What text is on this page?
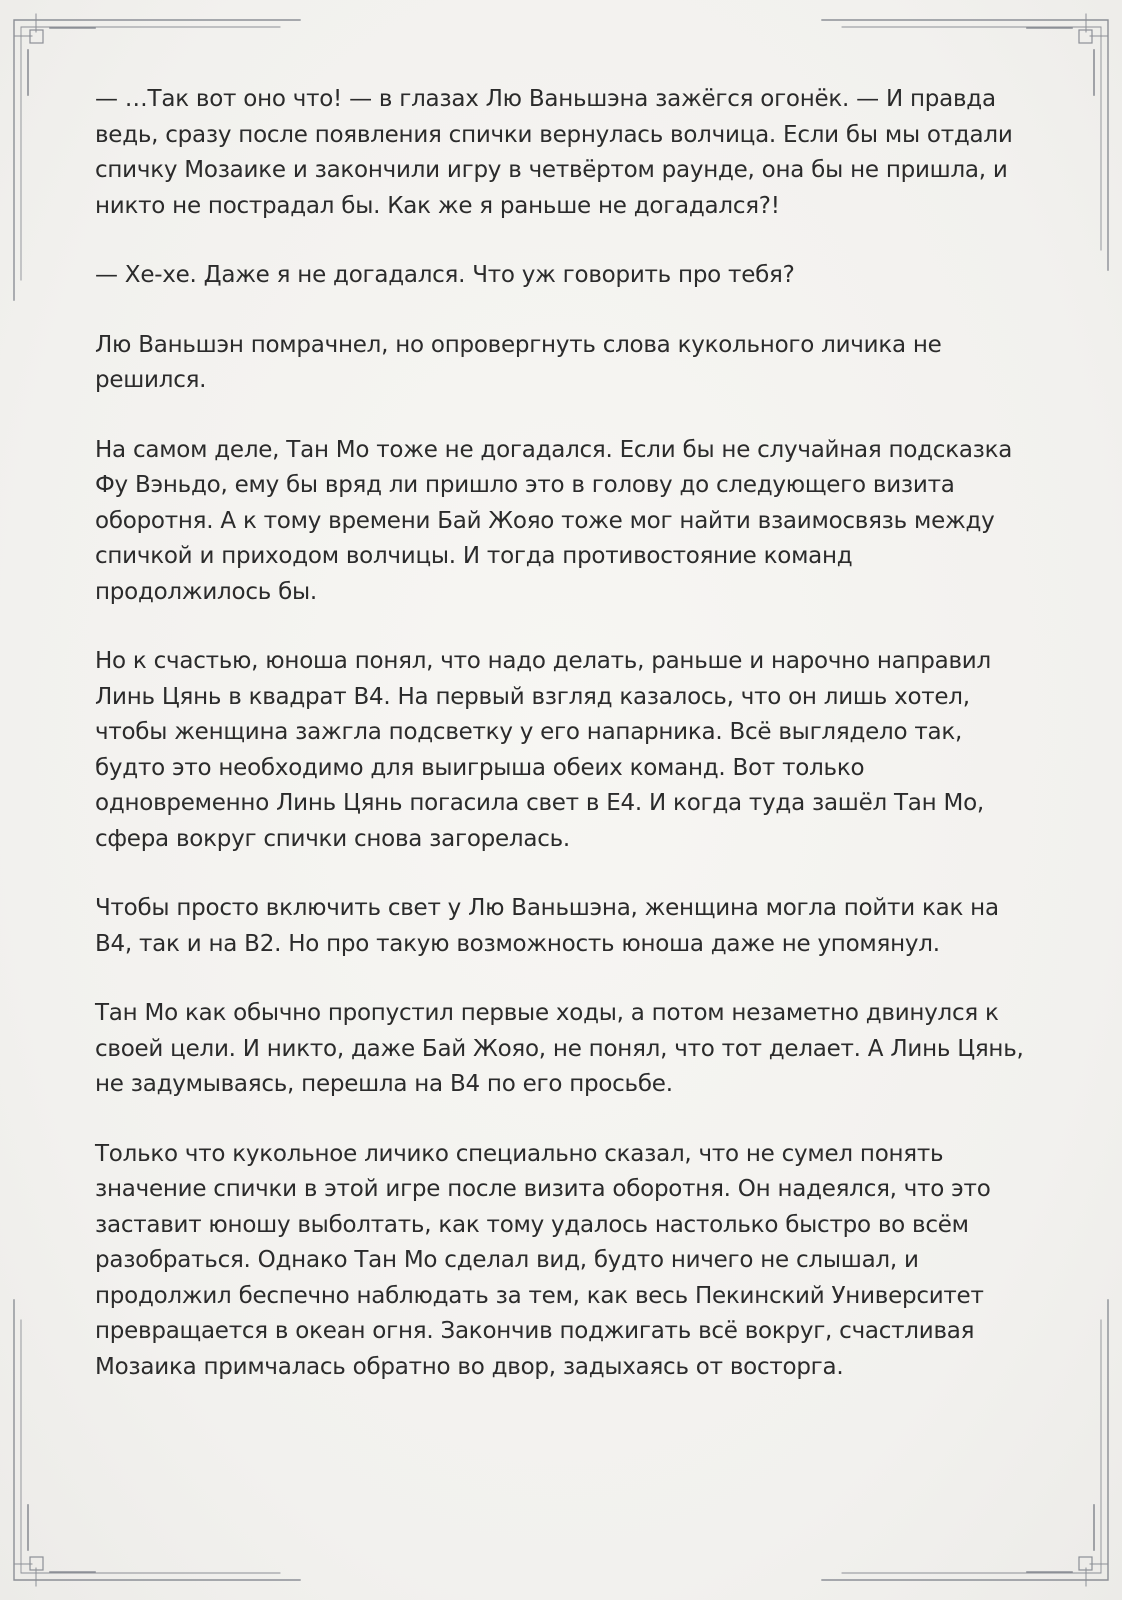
— …Так вот оно что! — в глазах Лю Ваньшэна зажёгся огонёк. — И правда ведь, сразу после появления спички вернулась волчица. Если бы мы отдали спичку Мозаике и закончили игру в четвёртом раунде, она бы не пришла, и никто не пострадал бы. Как же я раньше не догадался?!

— Хе-хе. Даже я не догадался. Что уж говорить про тебя?

Лю Ваньшэн помрачнел, но опровергнуть слова кукольного личика не решился.

На самом деле, Тан Мо тоже не догадался. Если бы не случайная подсказка Фу Вэньдо, ему бы вряд ли пришло это в голову до следующего визита оборотня. А к тому времени Бай Жояо тоже мог найти взаимосвязь между спичкой и приходом волчицы. И тогда противостояние команд продолжилось бы.

Но к счастью, юноша понял, что надо делать, раньше и нарочно направил Линь Цянь в квадрат В4. На первый взгляд казалось, что он лишь хотел, чтобы женщина зажгла подсветку у его напарника. Всё выглядело так, будто это необходимо для выигрыша обеих команд. Вот только одновременно Линь Цянь погасила свет в Е4. И когда туда зашёл Тан Мо, сфера вокруг спички снова загорелась.

Чтобы просто включить свет у Лю Ваньшэна, женщина могла пойти как на В4, так и на В2. Но про такую возможность юноша даже не упомянул.

Тан Мо как обычно пропустил первые ходы, а потом незаметно двинулся к своей цели. И никто, даже Бай Жояо, не понял, что тот делает. А Линь Цянь, не задумываясь, перешла на В4 по его просьбе.

Только что кукольное личико специально сказал, что не сумел понять значение спички в этой игре после визита оборотня. Он надеялся, что это заставит юношу выболтать, как тому удалось настолько быстро во всём разобраться. Однако Тан Мо сделал вид, будто ничего не слышал, и продолжил беспечно наблюдать за тем, как весь Пекинский Университет превращается в океан огня. Закончив поджигать всё вокруг, счастливая Мозаика примчалась обратно во двор, задыхаясь от восторга.
